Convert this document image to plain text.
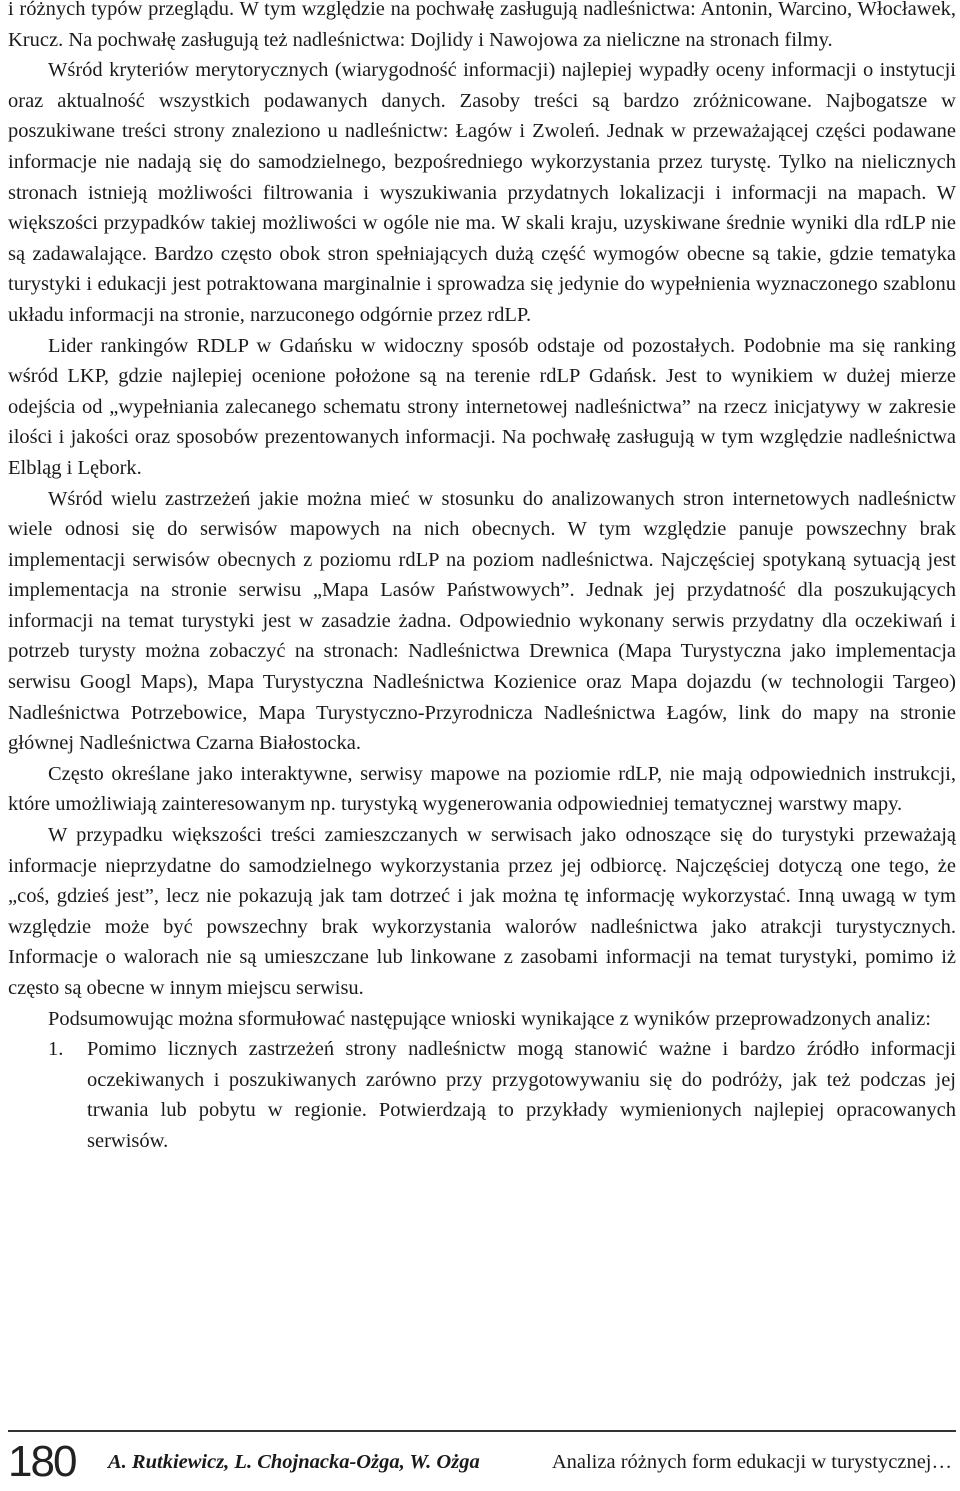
i różnych typów przeglądu. W tym względzie na pochwałę zasługują nadleśnictwa: Antonin, Warcino, Włocławek, Krucz. Na pochwałę zasługują też nadleśnictwa: Dojlidy i Nawojowa za nieliczne na stronach filmy.

Wśród kryteriów merytorycznych (wiarygodność informacji) najlepiej wypadły oceny informacji o instytucji oraz aktualność wszystkich podawanych danych. Zasoby treści są bardzo zróżnicowane. Najbogatsze w poszukiwane treści strony znaleziono u nadleśnictw: Łagów i Zwoleń. Jednak w przeważającej części podawane informacje nie nadają się do samodzielnego, bezpośredniego wykorzystania przez turystę. Tylko na nielicznych stronach istnieją możliwości filtrowania i wyszukiwania przydatnych lokalizacji i informacji na mapach. W większości przypadków takiej możliwości w ogóle nie ma. W skali kraju, uzyskiwane średnie wyniki dla rdLP nie są zadawalające. Bardzo często obok stron spełniających dużą część wymogów obecne są takie, gdzie tematyka turystyki i edukacji jest potraktowana marginalnie i sprowadza się jedynie do wypełnienia wyznaczonego szablonu układu informacji na stronie, narzuconego odgórnie przez rdLP.

Lider rankingów RDLP w Gdańsku w widoczny sposób odstaje od pozostałych. Podobnie ma się ranking wśród LKP, gdzie najlepiej ocenione położone są na terenie rdLP Gdańsk. Jest to wynikiem w dużej mierze odejścia od „wypełniania zalecanego schematu strony internetowej nadleśnictwa” na rzecz inicjatywy w zakresie ilości i jakości oraz sposobów prezentowanych informacji. Na pochwałę zasługują w tym względzie nadleśnictwa Elbląg i Lębork.

Wśród wielu zastrzeżeń jakie można mieć w stosunku do analizowanych stron internetowych nadleśnictw wiele odnosi się do serwisów mapowych na nich obecnych. W tym względzie panuje powszechny brak implementacji serwisów obecnych z poziomu rdLP na poziom nadleśnictwa. Najczęściej spotykaną sytuacją jest implementacja na stronie serwisu „Mapa Lasów Państwowych”. Jednak jej przydatność dla poszukujących informacji na temat turystyki jest w zasadzie żadna. Odpowiednio wykonany serwis przydatny dla oczekiwań i potrzeb turysty można zobaczyć na stronach: Nadleśnictwa Drewnica (Mapa Turystyczna jako implementacja serwisu Googl Maps), Mapa Turystyczna Nadleśnictwa Kozienice oraz Mapa dojazdu (w technologii Targeo) Nadleśnictwa Potrzebowice, Mapa Turystyczno-Przyrodnicza Nadleśnictwa Łagów, link do mapy na stronie głównej Nadleśnictwa Czarna Białostocka.

Często określane jako interaktywne, serwisy mapowe na poziomie rdLP, nie mają odpowiednich instrukcji, które umożliwiają zainteresowanym np. turystyką wygenerowania odpowiedniej tematycznej warstwy mapy.

W przypadku większości treści zamieszczanych w serwisach jako odnoszące się do turystyki przeważają informacje nieprzydatne do samodzielnego wykorzystania przez jej odbiorcę. Najczęściej dotyczą one tego, że „coś, gdzieś jest”, lecz nie pokazują jak tam dotrzeć i jak można tę informację wykorzystać. Inną uwagą w tym względzie może być powszechny brak wykorzystania walorów nadleśnictwa jako atrakcji turystycznych. Informacje o walorach nie są umieszczane lub linkowane z zasobami informacji na temat turystyki, pomimo iż często są obecne w innym miejscu serwisu.

Podsumowując można sformułować następujące wnioski wynikające z wyników przeprowadzonych analiz:

1. Pomimo licznych zastrzeżeń strony nadleśnictw mogą stanowić ważne i bardzo źródło informacji oczekiwanych i poszukiwanych zarówno przy przygotowywaniu się do podróży, jak też podczas jej trwania lub pobytu w regionie. Potwierdzają to przykłady wymienionych najlepiej opracowanych serwisów.
180 A. Rutkiewicz, L. Chojnacka-Ożga, W. Ożga	Analiza różnych form edukacji w turystycznej…
